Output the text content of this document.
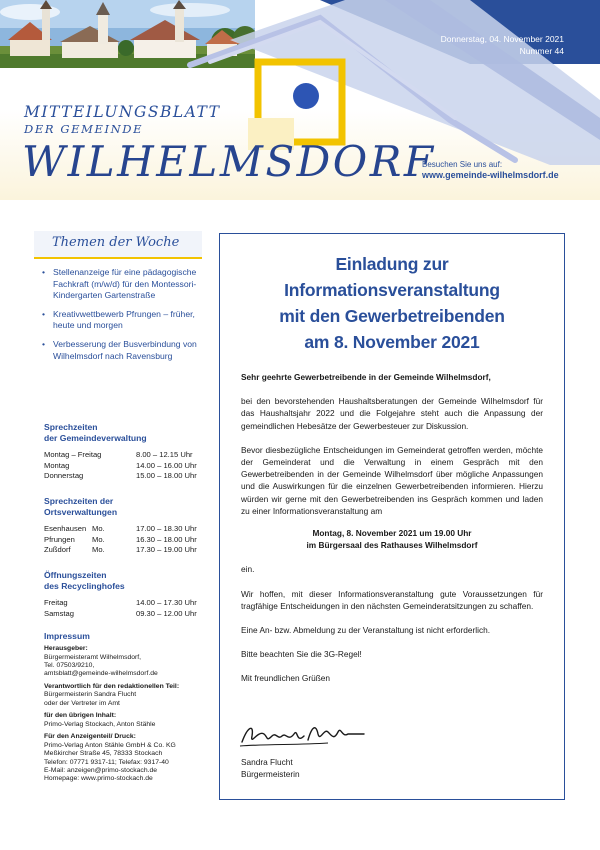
Donnerstag, 04. November 2021
Nummer 44
MITTEILUNGSBLATT
DER GEMEINDE
WILHELMSDORF
Besuchen Sie uns auf:
www.gemeinde-wilhelmsdorf.de
Themen der Woche
• Stellenanzeige für eine pädagogische Fachkraft (m/w/d) für den Montessori-Kindergarten Gartenstraße
• Kreativwettbewerb Pfrungen – früher, heute und morgen
• Verbesserung der Busverbindung von Wilhelmsdorf nach Ravensburg
Sprechzeiten
der Gemeindeverwaltung
Montag – Freitag	8.00 – 12.15 Uhr
Montag	14.00 – 16.00 Uhr
Donnerstag	15.00 – 18.00 Uhr
Sprechzeiten der
Ortsverwaltungen
Esenhausen Mo.	17.00 – 18.30 Uhr
Pfrungen Mo.	16.30 – 18.00 Uhr
Zußdorf	Mo.	17.30 – 19.00 Uhr
Öffnungszeiten
des Recyclinghofes
Freitag	14.00 – 17.30 Uhr
Samstag	09.30 – 12.00 Uhr
Impressum
Herausgeber:
Bürgermeisteramt Wilhelmsdorf,
Tel. 07503/9210,
amtsblatt@gemeinde-wilhelmsdorf.de
Verantwortlich für den redaktionellen Teil:
Bürgermeisterin Sandra Flucht
oder der Vertreter im Amt
für den übrigen Inhalt:
Primo-Verlag Stockach, Anton Stähle
Für den Anzeigenteil/ Druck:
Primo-Verlag Anton Stähle GmbH & Co. KG
Meßkircher Straße 45, 78333 Stockach
Telefon: 07771 9317-11; Telefax: 9317-40
E-Mail: anzeigen@primo-stockach.de
Homepage: www.primo-stockach.de
Einladung zur
Informationsveranstaltung
mit den Gewerbetreibenden
am 8. November 2021

Sehr geehrte Gewerbetreibende in der Gemeinde Wilhelmsdorf,

bei den bevorstehenden Haushaltsberatungen der Gemeinde Wilhelmsdorf für das Haushaltsjahr 2022 und die Folgejahre steht auch die Anpassung der gemeindlichen Hebesätze der Gewerbesteuer zur Diskussion.

Bevor diesbezügliche Entscheidungen im Gemeinderat getroffen werden, möchte der Gemeinderat und die Verwaltung in einem Gespräch mit den Gewerbetreibenden in der Gemeinde Wilhelmsdorf über mögliche Anpassungen und die Auswirkungen für die einzelnen Gewerbetreibenden informieren. Hierzu würden wir gerne mit den Gewerbetreibenden ins Gespräch kommen und laden zu einer Informationsveranstaltung am

Montag, 8. November 2021 um 19.00 Uhr

im Bürgersaal des Rathauses Wilhelmsdorf

ein.

Wir hoffen, mit dieser Informationsveranstaltung gute Voraussetzungen für tragfähige Entscheidungen in den nächsten Gemeinderatsitzungen zu schaffen.

Eine An- bzw. Abmeldung zu der Veranstaltung ist nicht erforderlich.

Bitte beachten Sie die 3G-Regel!

Mit freundlichen Grüßen

Sandra Flucht
Bürgermeisterin
